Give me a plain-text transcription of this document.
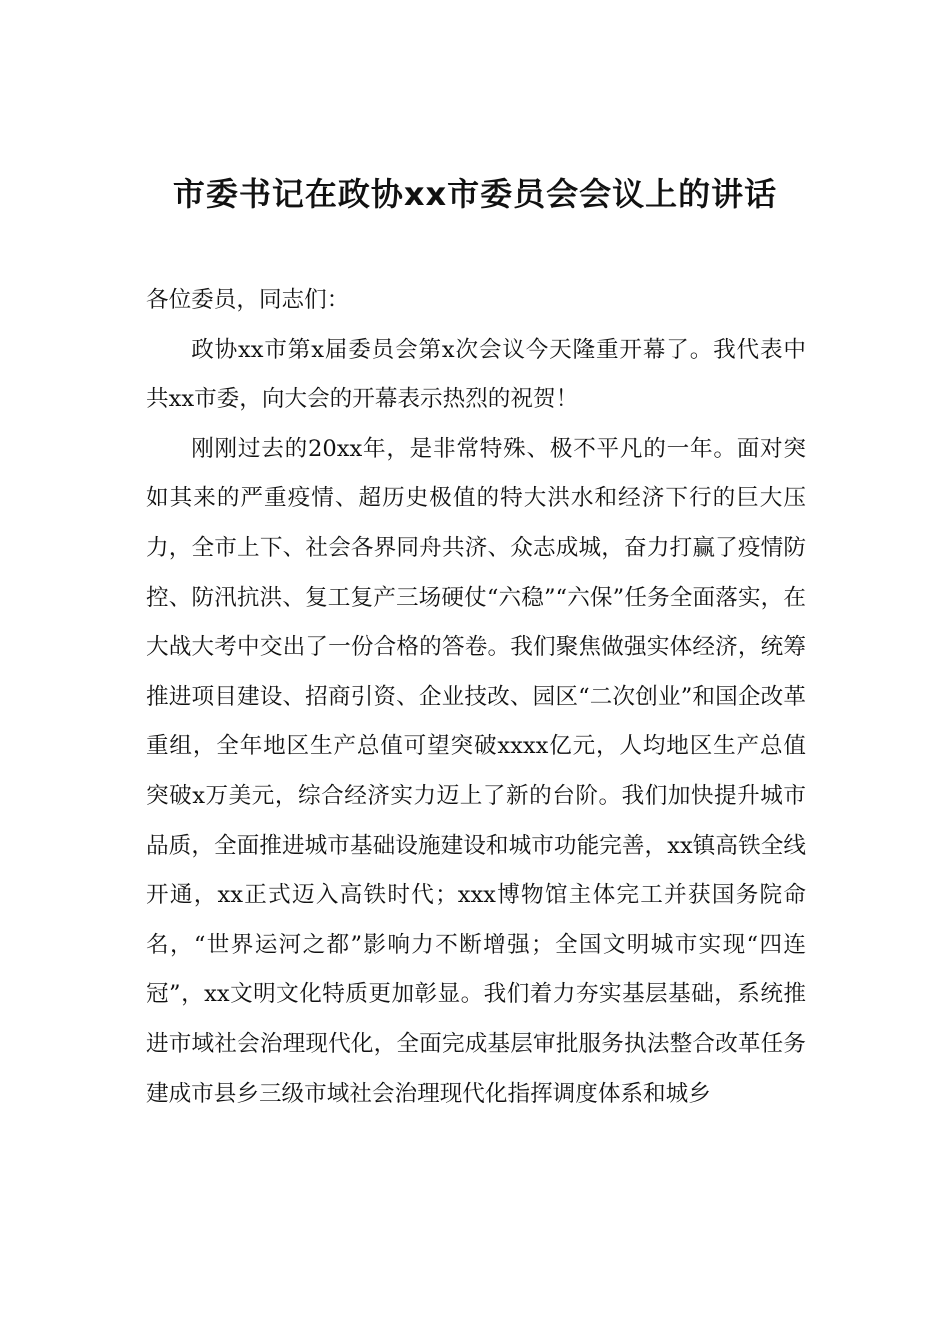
市委书记在政协xx市委员会会议上的讲话

各位委员，同志们：

政协xx市第x届委员会第x次会议今天隆重开幕了。我代表中共xx市委，向大会的开幕表示热烈的祝贺！

刚刚过去的20xx年，是非常特殊、极不平凡的一年。面对突如其来的严重疫情、超历史极值的特大洪水和经济下行的巨大压力，全市上下、社会各界同舟共济、众志成城，奋力打赢了疫情防控、防汛抗洪、复工复产三场硬仗“六稳”“六保”任务全面落实，在大战大考中交出了一份合格的答卷。我们聚焦做强实体经济，统筹推进项目建设、招商引资、企业技改、园区“二次创业”和国企改革重组，全年地区生产总值可望突破xxxx亿元，人均地区生产总值突破x万美元，综合经济实力迈上了新的台阶。我们加快提升城市品质，全面推进城市基础设施建设和城市功能完善，xx镇高铁全线开通，xx正式迈入高铁时代；xxx博物馆主体完工并获国务院命名，“世界运河之都”影响力不断增强；全国文明城市实现“四连冠”，xx文明文化特质更加彰显。我们着力夯实基层基础，系统推进市域社会治理现代化，全面完成基层审批服务执法整合改革任务建成市县乡三级市域社会治理现代化指挥调度体系和城乡
